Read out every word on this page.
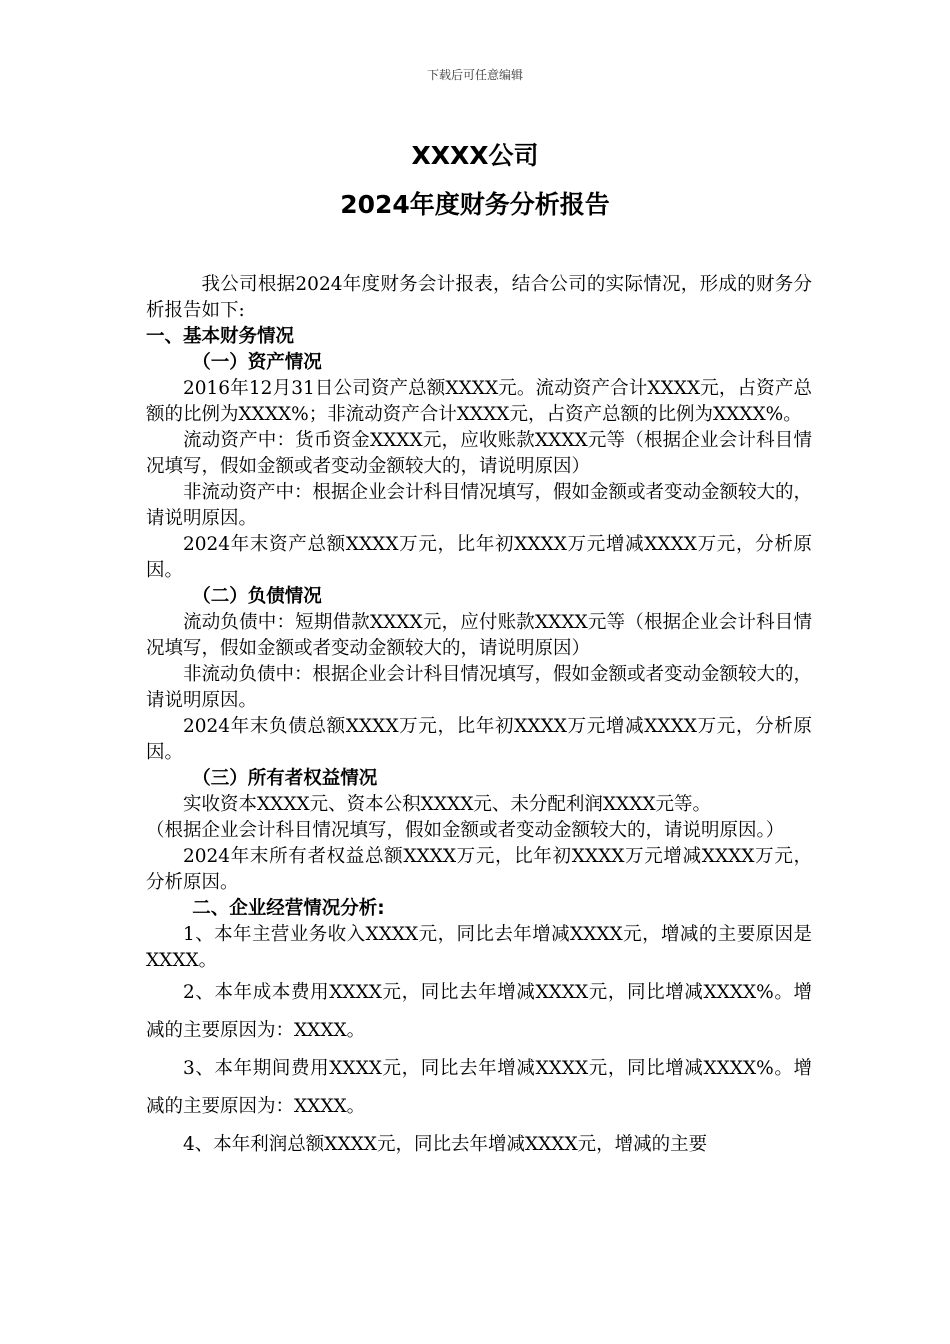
下载后可任意编辑
XXXX公司
2024年度财务分析报告

我公司根据2024年度财务会计报表，结合公司的实际情况，形成的财务分析报告如下:

一、基本财务情况

（一）资产情况

2016年12月31日公司资产总额XXXX元。流动资产合计XXXX元，占资产总额的比例为XXXX%；非流动资产合计XXXX元，占资产总额的比例为XXXX%。

流动资产中：货币资金XXXX元，应收账款XXXX元等（根据企业会计科目情况填写，假如金额或者变动金额较大的，请说明原因）

非流动资产中：根据企业会计科目情况填写，假如金额或者变动金额较大的，请说明原因。

2024年末资产总额XXXX万元，比年初XXXX万元增减XXXX万元，分析原因。

（二）负债情况

流动负债中：短期借款XXXX元，应付账款XXXX元等（根据企业会计科目情况填写，假如金额或者变动金额较大的，请说明原因）

非流动负债中：根据企业会计科目情况填写，假如金额或者变动金额较大的，请说明原因。

2024年末负债总额XXXX万元，比年初XXXX万元增减XXXX万元，分析原因。

（三）所有者权益情况

实收资本XXXX元、资本公积XXXX元、未分配利润XXXX元等。

（根据企业会计科目情况填写，假如金额或者变动金额较大的，请说明原因。）

2024年末所有者权益总额XXXX万元，比年初XXXX万元增减XXXX万元，分析原因。

二、企业经营情况分析:

1、本年主营业务收入XXXX元，同比去年增减XXXX元，增减的主要原因是XXXX。

2、本年成本费用XXXX元，同比去年增减XXXX元，同比增减XXXX%。增减的主要原因为：XXXX。

3、本年期间费用XXXX元，同比去年增减XXXX元，同比增减XXXX%。增减的主要原因为：XXXX。

4、本年利润总额XXXX元，同比去年增减XXXX元，增减的主要
